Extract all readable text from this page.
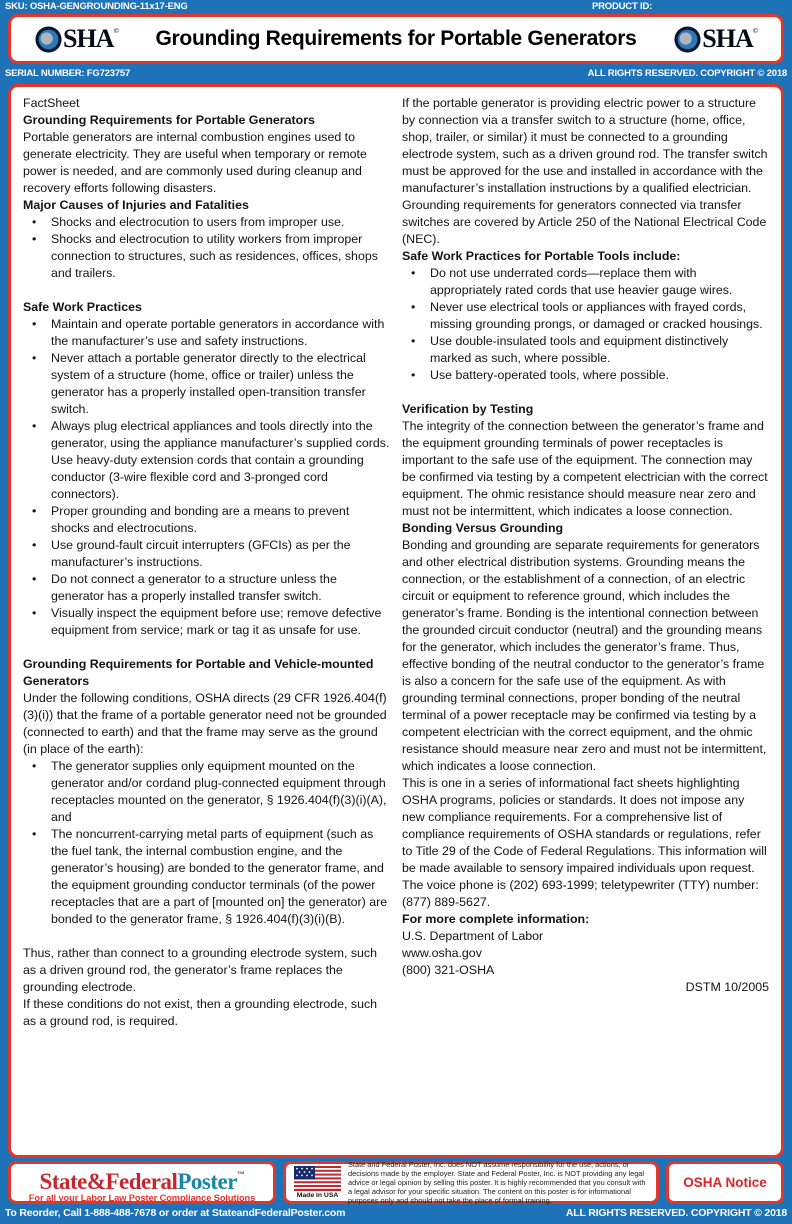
SKU: OSHA-GENGROUNDING-11x17-ENG	PRODUCT ID:
SHA©	Grounding Requirements for Portable Generators	SHA©
SERIAL NUMBER: FG723757	ALL RIGHTS RESERVED. COPYRIGHT © 2018

FactSheet

Grounding Requirements for Portable Generators

Portable generators are internal combustion engines used to generate electricity. They are useful when temporary or remote power is needed, and are commonly used during cleanup and recovery efforts following disasters.

Major Causes of Injuries and Fatalities

• Shocks and electrocution to users from improper use.
• Shocks and electrocution to utility workers from improper connection to structures, such as residences, offices, shops and trailers.

Safe Work Practices

• Maintain and operate portable generators in accordance with the manufacturer’s use and safety instructions.
• Never attach a portable generator directly to the electrical system of a structure (home, office or trailer) unless the generator has a properly installed open-transition transfer switch.
• Always plug electrical appliances and tools directly into the generator, using the appliance manufacturer’s supplied cords. Use heavy-duty extension cords that contain a grounding conductor (3-wire flexible cord and 3-pronged cord connectors).
• Proper grounding and bonding are a means to prevent shocks and electrocutions.
• Use ground-fault circuit interrupters (GFCIs) as per the manufacturer’s instructions.
• Do not connect a generator to a structure unless the generator has a properly installed transfer switch.
• Visually inspect the equipment before use; remove defective equipment from service; mark or tag it as unsafe for use.

Grounding Requirements for Portable and Vehicle-mounted Generators

Under the following conditions, OSHA directs (29 CFR 1926.404(f)(3)(i)) that the frame of a portable generator need not be grounded (connected to earth) and that the frame may serve as the ground (in place of the earth):

• The generator supplies only equipment mounted on the generator and/or cordand plug-connected equipment through receptacles mounted on the generator, § 1926.404(f)(3)(i)(A), and
• The noncurrent-carrying metal parts of equipment (such as the fuel tank, the internal combustion engine, and the generator’s housing) are bonded to the generator frame, and the equipment grounding conductor terminals (of the power receptacles that are a part of [mounted on] the generator) are bonded to the generator frame, § 1926.404(f)(3)(i)(B).

Thus, rather than connect to a grounding electrode system, such as a driven ground rod, the generator’s frame replaces the grounding electrode.

If these conditions do not exist, then a grounding electrode, such as a ground rod, is required.

If the portable generator is providing electric power to a structure by connection via a transfer switch to a structure (home, office, shop, trailer, or similar) it must be connected to a grounding electrode system, such as a driven ground rod. The transfer switch must be approved for the use and installed in accordance with the manufacturer’s installation instructions by a qualified electrician. Grounding requirements for generators connected via transfer switches are covered by Article 250 of the National Electrical Code (NEC).

Safe Work Practices for Portable Tools include:

• Do not use underrated cords—replace them with appropriately rated cords that use heavier gauge wires.
• Never use electrical tools or appliances with frayed cords, missing grounding prongs, or damaged or cracked housings.
• Use double-insulated tools and equipment distinctively marked as such, where possible.
• Use battery-operated tools, where possible.

Verification by Testing

The integrity of the connection between the generator’s frame and the equipment grounding terminals of power receptacles is important to the safe use of the equipment. The connection may be confirmed via testing by a competent electrician with the correct equipment. The ohmic resistance should measure near zero and must not be intermittent, which indicates a loose connection.

Bonding Versus Grounding

Bonding and grounding are separate requirements for generators and other electrical distribution systems. Grounding means the connection, or the establishment of a connection, of an electric circuit or equipment to reference ground, which includes the generator’s frame. Bonding is the intentional connection between the grounded circuit conductor (neutral) and the grounding means for the generator, which includes the generator’s frame. Thus, effective bonding of the neutral conductor to the generator’s frame is also a concern for the safe use of the equipment. As with grounding terminal connections, proper bonding of the neutral terminal of a power receptacle may be confirmed via testing by a competent electrician with the correct equipment, and the ohmic resistance should measure near zero and must not be intermittent, which indicates a loose connection.

This is one in a series of informational fact sheets highlighting OSHA programs, policies or standards. It does not impose any new compliance requirements. For a comprehensive list of compliance requirements of OSHA standards or regulations, refer to Title 29 of the Code of Federal Regulations. This information will be made available to sensory impaired individuals upon request. The voice phone is (202) 693-1999; teletypewriter (TTY) number: (877) 889-5627.

For more complete information:

U.S. Department of Labor

www.osha.gov

(800) 321-OSHA

DSTM 10/2005

State&FederalPoster™
For all your Labor Law Poster Compliance Solutions	Made in USA
State and Federal Poster, Inc. does NOT assume responsibility for the use, actions, or decisions made by the employer. State and Federal Poster, Inc. is NOT providing any legal advice or legal opinion by selling this poster. It is highly recommended that you consult with a legal advisor for your specific situation. The content on this poster is for informational purposes only and should not take the place of formal training.
OSHA Notice
To Reorder, Call 1-888-488-7678 or order at StateandFederalPoster.com	ALL RIGHTS RESERVED. COPYRIGHT © 2018
